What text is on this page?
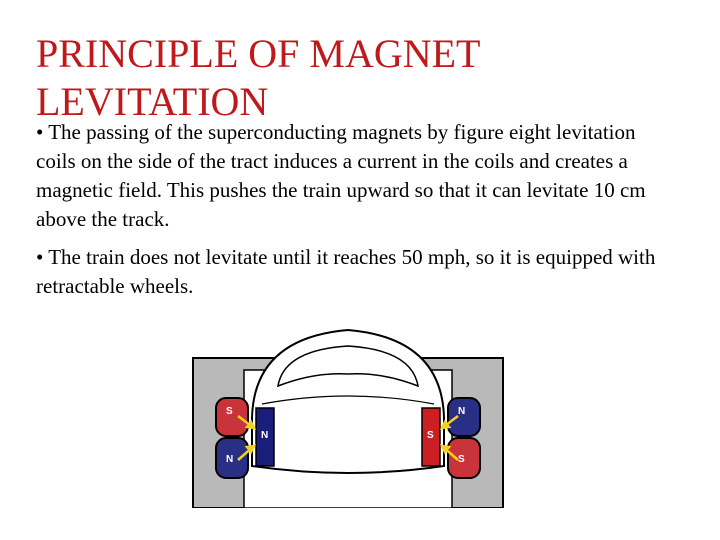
PRINCIPLE OF MAGNET LEVITATION

• The passing of the superconducting magnets by figure eight levitation coils on the side of the tract induces a current in the coils and creates a magnetic field. This pushes the train upward so that it can levitate 10 cm above the track.

• The train does not levitate until it reaches 50 mph, so it is equipped with retractable wheels.

S
N
N
S
N	S
